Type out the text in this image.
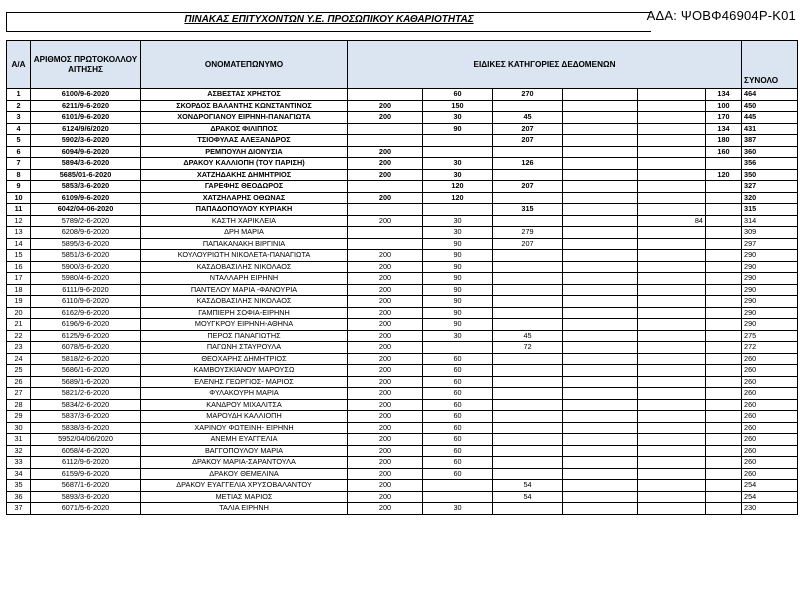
ΑΔΑ: ΨΟΒΦ46904Ρ-Κ01
ΠΙΝΑΚΑΣ ΕΠΙΤΥΧΟΝΤΩΝ Υ.Ε. ΠΡΟΣΩΠΙΚΟΥ ΚΑΘΑΡΙΟΤΗΤΑΣ
Α/Α	ΑΡΙΘΜΟΣ ΠΡΩΤΟΚΟΛΛΟΥ ΑΙΤΗΣΗΣ	ΟΝΟΜΑΤΕΠΩΝΥΜΟ	ΕΙΔΙΚΕΣ ΚΑΤΗΓΟΡΙΕΣ ΔΕΔΟΜΕΝΩΝ						ΣΥΝΟΛΟ
1	6100/9-6-2020	ΑΣΒΕΣΤΑΣ ΧΡΗΣΤΟΣ		60	270			134	464
2	6211/9-6-2020	ΣΚΟΡΔΟΣ ΒΑΛΑΝΤΗΣ ΚΩΝΣΤΑΝΤΙΝΟΣ	200	150				100	450
3	6101/9-6-2020	ΧΟΝΔΡΟΓΙΑΝΟΥ ΕΙΡΗΝΗ-ΠΑΝΑΓΙΩΤΑ	200	30	45			170	445
4	6124/9/6/2020	ΔΡΑΚΟΣ ΦΙΛΙΠΠΟΣ		90	207			134	431
5	5902/3-6-2020	ΤΣΙΟΦΥΛΑΣ ΑΛΕΞΑΝΔΡΟΣ			207			180	387
6	6094/9-6-2020	ΡΕΜΠΟΥΛΗ ΔΙΟΝΥΣΙΑ	200					160	360
7	5894/3-6-2020	ΔΡΑΚΟΥ ΚΑΛΛΙΟΠΗ (ΤΟΥ ΠΑΡΙΣΗ)	200	30	126				356
8	5685/01-6-2020	ΧΑΤΖΗΔΑΚΗΣ ΔΗΜΗΤΡΙΟΣ	200	30				120	350
9	5853/3-6-2020	ΓΑΡΕΦΗΣ ΘΕΟΔΩΡΟΣ		120	207				327
10	6109/9-6-2020	ΧΑΤΖΗΛΑΡΗΣ ΟΘΩΝΑΣ	200	120					320
11	6042/04-06-2020	ΠΑΠΑΔΟΠΟΥΛΟΥ ΚΥΡΙΑΚΗ			315				315
12	5789/2-6-2020	ΚΑΣΤΗ ΧΑΡΙΚΛΕΙΑ	200	30			84		314
13	6208/9-6-2020	ΔΡΗ ΜΑΡΙΑ		30	279				309
14	5895/3-6-2020	ΠΑΠΑΚΑΝΑΚΗ ΒΙΡΓΙΝΙΑ		90	207				297
15	5851/3-6-2020	ΚΟΥΛΟΥΡΙΩΤΗ ΝΙΚΟΛΕΤΑ-ΠΑΝΑΓΙΩΤΑ	200	90					290
16	5900/3-6-2020	ΚΑΣΔΟΒΑΣΙΛΗΣ ΝΙΚΟΛΑΟΣ	200	90					290
17	5980/4-6-2020	ΝΤΑΛΛΑΡΗ ΕΙΡΗΝΗ	200	90					290
18	6111/9-6-2020	ΠΑΝΤΕΛΟΥ ΜΑΡΙΑ -ΦΑΝΟΥΡΙΑ	200	90					290
19	6110/9-6-2020	ΚΑΣΔΟΒΑΣΙΛΗΣ ΝΙΚΟΛΑΟΣ	200	90					290
20	6162/9-6-2020	ΓΑΜΠΙΕΡΗ ΣΟΦΙΑ-ΕΙΡΗΝΗ	200	90					290
21	6196/9-6-2020	ΜΟΥΓΚΡΟΥ ΕΙΡΗΝΗ-ΑΘΗΝΑ	200	90					290
22	6125/9-6-2020	ΠΕΡΟΣ ΠΑΝΑΓΙΩΤΗΣ	200	30	45				275
23	6078/5-6-2020	ΠΑΓΩΝΗ ΣΤΑΥΡΟΥΛΑ	200		72				272
24	5818/2-6-2020	ΘΕΟΧΑΡΗΣ ΔΗΜΗΤΡΙΟΣ	200	60					260
25	5686/1-6-2020	ΚΑΜΒΟΥΣΚΙΑΝΟΥ ΜΑΡΟΥΣΩ	200	60					260
26	5689/1-6-2020	ΕΛΕΝΗΣ ΓΕΩΡΓΙΟΣ- ΜΑΡΙΟΣ	200	60					260
27	5821/2-6-2020	ΦΥΛΑΚΟΥΡΗ ΜΑΡΙΑ	200	60					260
28	5834/2-6-2020	ΚΑΝΔΡΟΥ ΜΙΧΑΛΙΤΣΑ	200	60					260
29	5837/3-6-2020	ΜΑΡΟΥΔΗ ΚΑΛΛΙΟΠΗ	200	60					260
30	5838/3-6-2020	ΧΑΡΙΝΟΥ ΦΩΤΕΙΝΗ- ΕΙΡΗΝΗ	200	60					260
31	5952/04/06/2020	ΑΝΕΜΗ ΕΥΑΓΓΕΛΙΑ	200	60					260
32	6058/4-6-2020	ΒΑΓΓΟΠΟΥΛΟΥ ΜΑΡΙΑ	200	60					260
33	6112/9-6-2020	ΔΡΑΚΟΥ ΜΑΡΙΑ-ΣΑΡΑΝΤΟΥΛΑ	200	60					260
34	6159/9-6-2020	ΔΡΑΚΟΥ ΘΕΜΕΛΙΝΑ	200	60					260
35	5687/1-6-2020	ΔΡΑΚΟΥ ΕΥΑΓΓΕΛΙΑ ΧΡΥΣΟΒΑΛΑΝΤΟΥ	200		54				254
36	5893/3-6-2020	ΜΕΤΙΑΣ ΜΑΡΙΟΣ	200		54				254
37	6071/5-6-2020	ΤΑΛΙΑ ΕΙΡΗΝΗ	200	30					230
